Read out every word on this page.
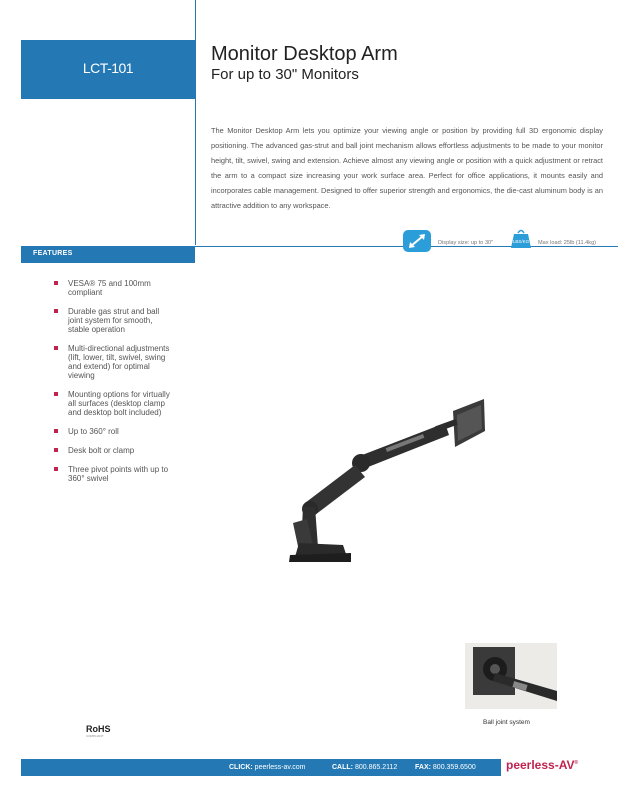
LCT-101
Monitor Desktop Arm
For up to 30" Monitors
The Monitor Desktop Arm lets you optimize your viewing angle or position by providing full 3D ergonomic display positioning. The advanced gas-strut and ball joint mechanism allows effortless adjustments to be made to your monitor height, tilt, swivel, swing and extension. Achieve almost any viewing angle or position with a quick adjustment or retract the arm to a compact size increasing your work surface area. Perfect for office applications, it mounts easily and incorporates cable management. Designed to offer superior strength and ergonomics, the die-cast aluminum body is an attractive addition to any workspace.
Display size: up to 30"	LBS/KG Max load: 25lb (11.4kg)
FEATURES
VESA® 75 and 100mm compliant
Durable gas strut and ball joint system for smooth, stable operation
Multi-directional adjustments (lift, lower, tilt, swivel, swing and extend) for optimal viewing
Mounting options for virtually all surfaces (desktop clamp and desktop bolt included)
Up to 360° roll
Desk bolt or clamp
Three pivot points with up to 360° swivel
Ball joint system
RoHS
COMPLIANT
CLICK: peerless-av.com	CALL: 800.865.2112	FAX: 800.359.6500	peerless-AV®
